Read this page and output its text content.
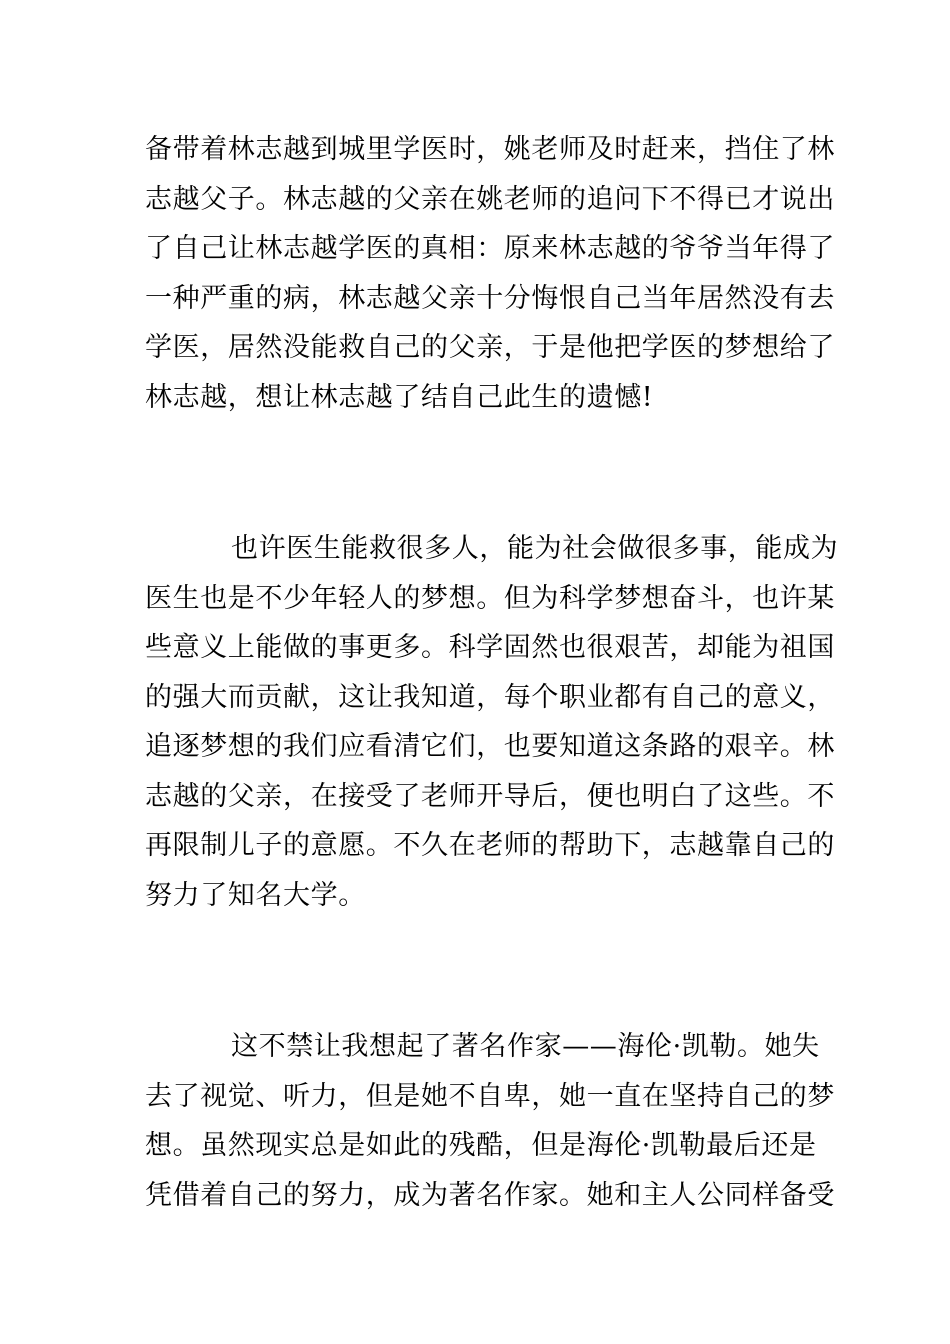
备带着林志越到城里学医时，姚老师及时赶来，挡住了林
志越父子。林志越的父亲在姚老师的追问下不得已才说出
了自己让林志越学医的真相：原来林志越的爷爷当年得了
一种严重的病，林志越父亲十分悔恨自己当年居然没有去
学医，居然没能救自己的父亲，于是他把学医的梦想给了
林志越，想让林志越了结自己此生的遗憾!

也许医生能救很多人，能为社会做很多事，能成为
医生也是不少年轻人的梦想。但为科学梦想奋斗，也许某
些意义上能做的事更多。科学固然也很艰苦，却能为祖国
的强大而贡献，这让我知道，每个职业都有自己的意义，
追逐梦想的我们应看清它们，也要知道这条路的艰辛。林
志越的父亲，在接受了老师开导后，便也明白了这些。不
再限制儿子的意愿。不久在老师的帮助下，志越靠自己的
努力了知名大学。

这不禁让我想起了著名作家——海伦·凯勒。她失
去了视觉、听力，但是她不自卑，她一直在坚持自己的梦
想。虽然现实总是如此的残酷，但是海伦·凯勒最后还是
凭借着自己的努力，成为著名作家。她和主人公同样备受
